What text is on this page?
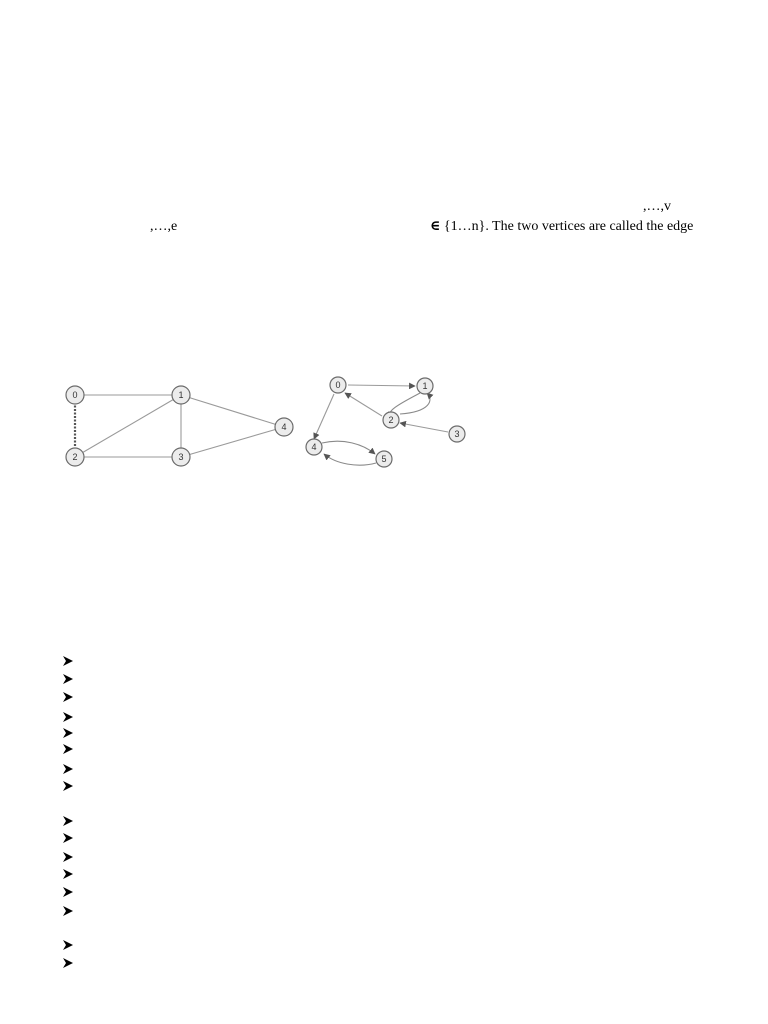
,…,v
,…,e	∈ {1…n}. The two vertices are called the edge
0	1
2	3
4
0	1
2
3
4
5
